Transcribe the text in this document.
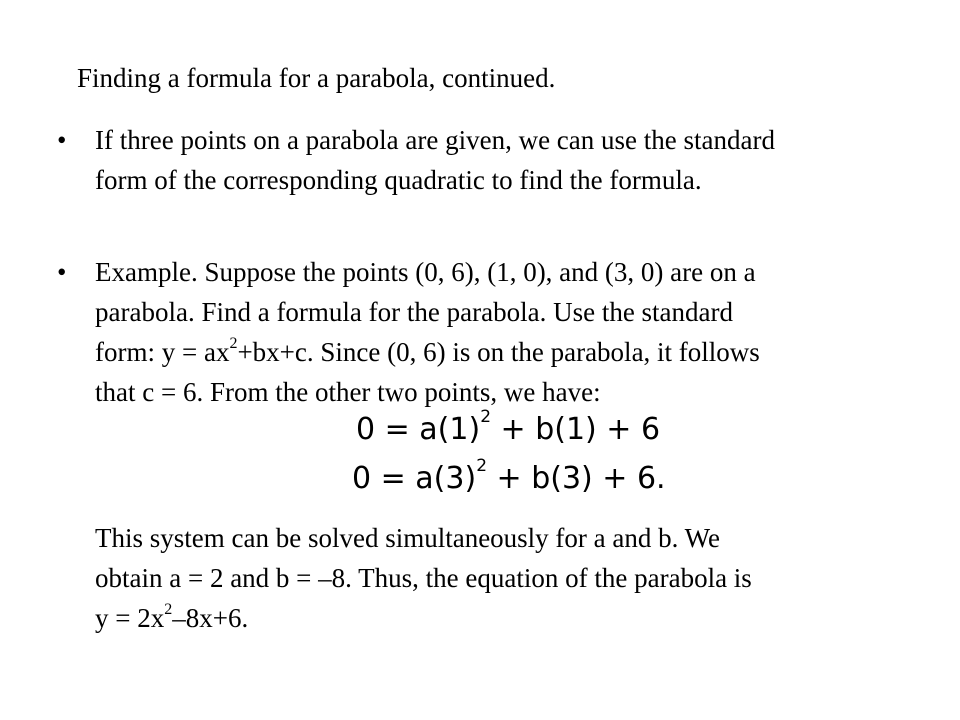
Finding a formula for a parabola, continued.
•	If three points on a parabola are given, we can use the standard
form of the corresponding quadratic to find the formula.
•	Example. Suppose the points (0, 6), (1, 0), and (3, 0) are on a
parabola. Find a formula for the parabola. Use the standard
form: $y = ax^2+bx+c$. Since (0, 6) is on the parabola, it follows
that c = 6. From the other two points, we have:
$0 = a(1)^2 + b(1) + 6$
$0 = a(3)^2 + b(3) + 6$.
This system can be solved simultaneously for a and b. We
obtain a = 2 and b = –8. Thus, the equation of the parabola is
$y = 2x^2-8x+6$.
